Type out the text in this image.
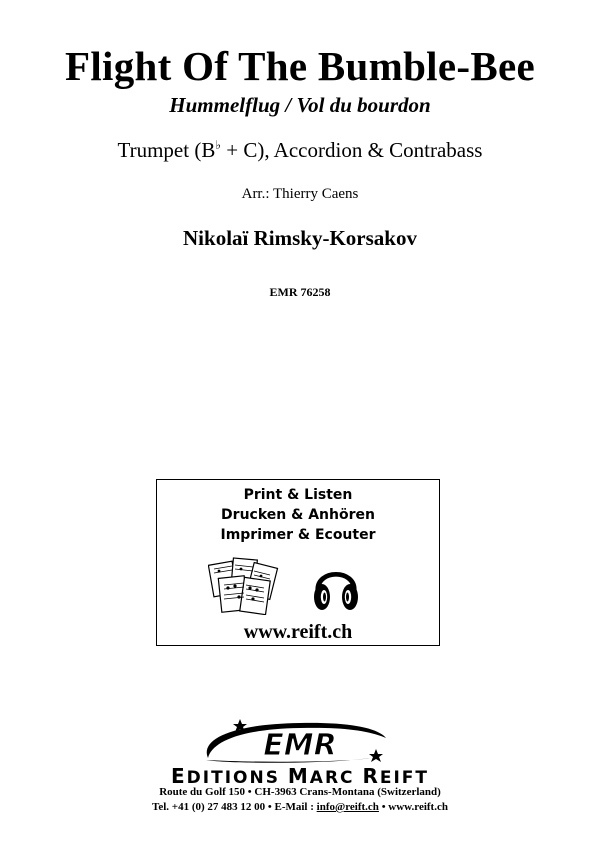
Flight Of The Bumble-Bee
Hummelflug / Vol du bourdon
Trumpet (B♭ + C), Accordion & Contrabass
Arr.: Thierry Caens
Nikolaï Rimsky-Korsakov
EMR 76258
Print & Listen
Drucken & Anhören
Imprimer & Ecouter
www.reift.ch
EMR
EDITIONS MARC REIFT
Route du Golf 150 • CH-3963 Crans-Montana (Switzerland)
Tel. +41 (0) 27 483 12 00 • E-Mail : info@reift.ch • www.reift.ch
